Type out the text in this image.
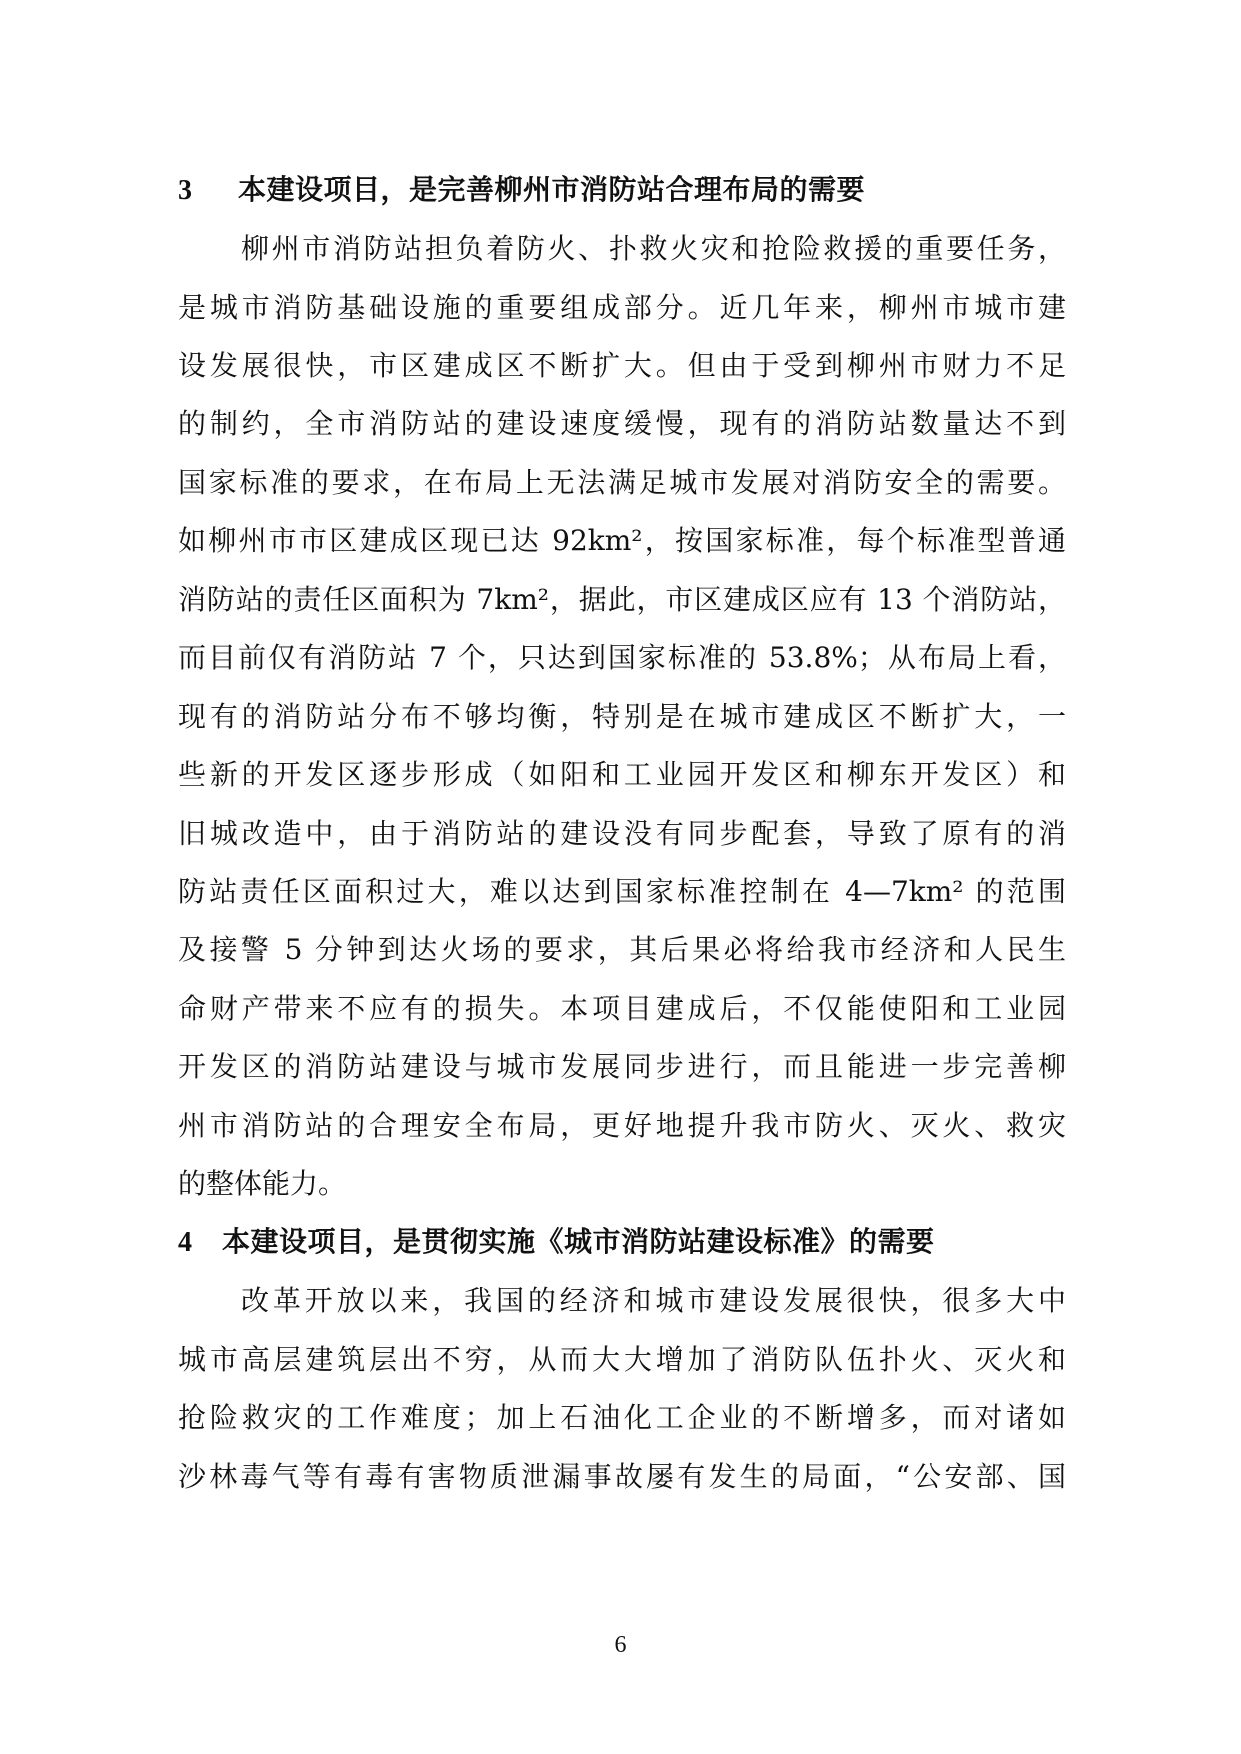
3 本建设项目，是完善柳州市消防站合理布局的需要
柳州市消防站担负着防火、扑救火灾和抢险救援的重要任务，
是城市消防基础设施的重要组成部分。近几年来，柳州市城市建
设发展很快，市区建成区不断扩大。但由于受到柳州市财力不足
的制约，全市消防站的建设速度缓慢，现有的消防站数量达不到
国家标准的要求，在布局上无法满足城市发展对消防安全的需要。
如柳州市市区建成区现已达 92km²，按国家标准，每个标准型普通
消防站的责任区面积为 7km²，据此，市区建成区应有 13 个消防站，
而目前仅有消防站 7 个，只达到国家标准的 53.8%；从布局上看，
现有的消防站分布不够均衡，特别是在城市建成区不断扩大，一
些新的开发区逐步形成（如阳和工业园开发区和柳东开发区）和
旧城改造中，由于消防站的建设没有同步配套，导致了原有的消
防站责任区面积过大，难以达到国家标准控制在 4—7km² 的范围
及接警 5 分钟到达火场的要求，其后果必将给我市经济和人民生
命财产带来不应有的损失。本项目建成后，不仅能使阳和工业园
开发区的消防站建设与城市发展同步进行，而且能进一步完善柳
州市消防站的合理安全布局，更好地提升我市防火、灭火、救灾
的整体能力。
4 本建设项目，是贯彻实施《城市消防站建设标准》的需要
改革开放以来，我国的经济和城市建设发展很快，很多大中
城市高层建筑层出不穷，从而大大增加了消防队伍扑火、灭火和
抢险救灾的工作难度；加上石油化工企业的不断增多，而对诸如
沙林毒气等有毒有害物质泄漏事故屡有发生的局面，“公安部、国
6
